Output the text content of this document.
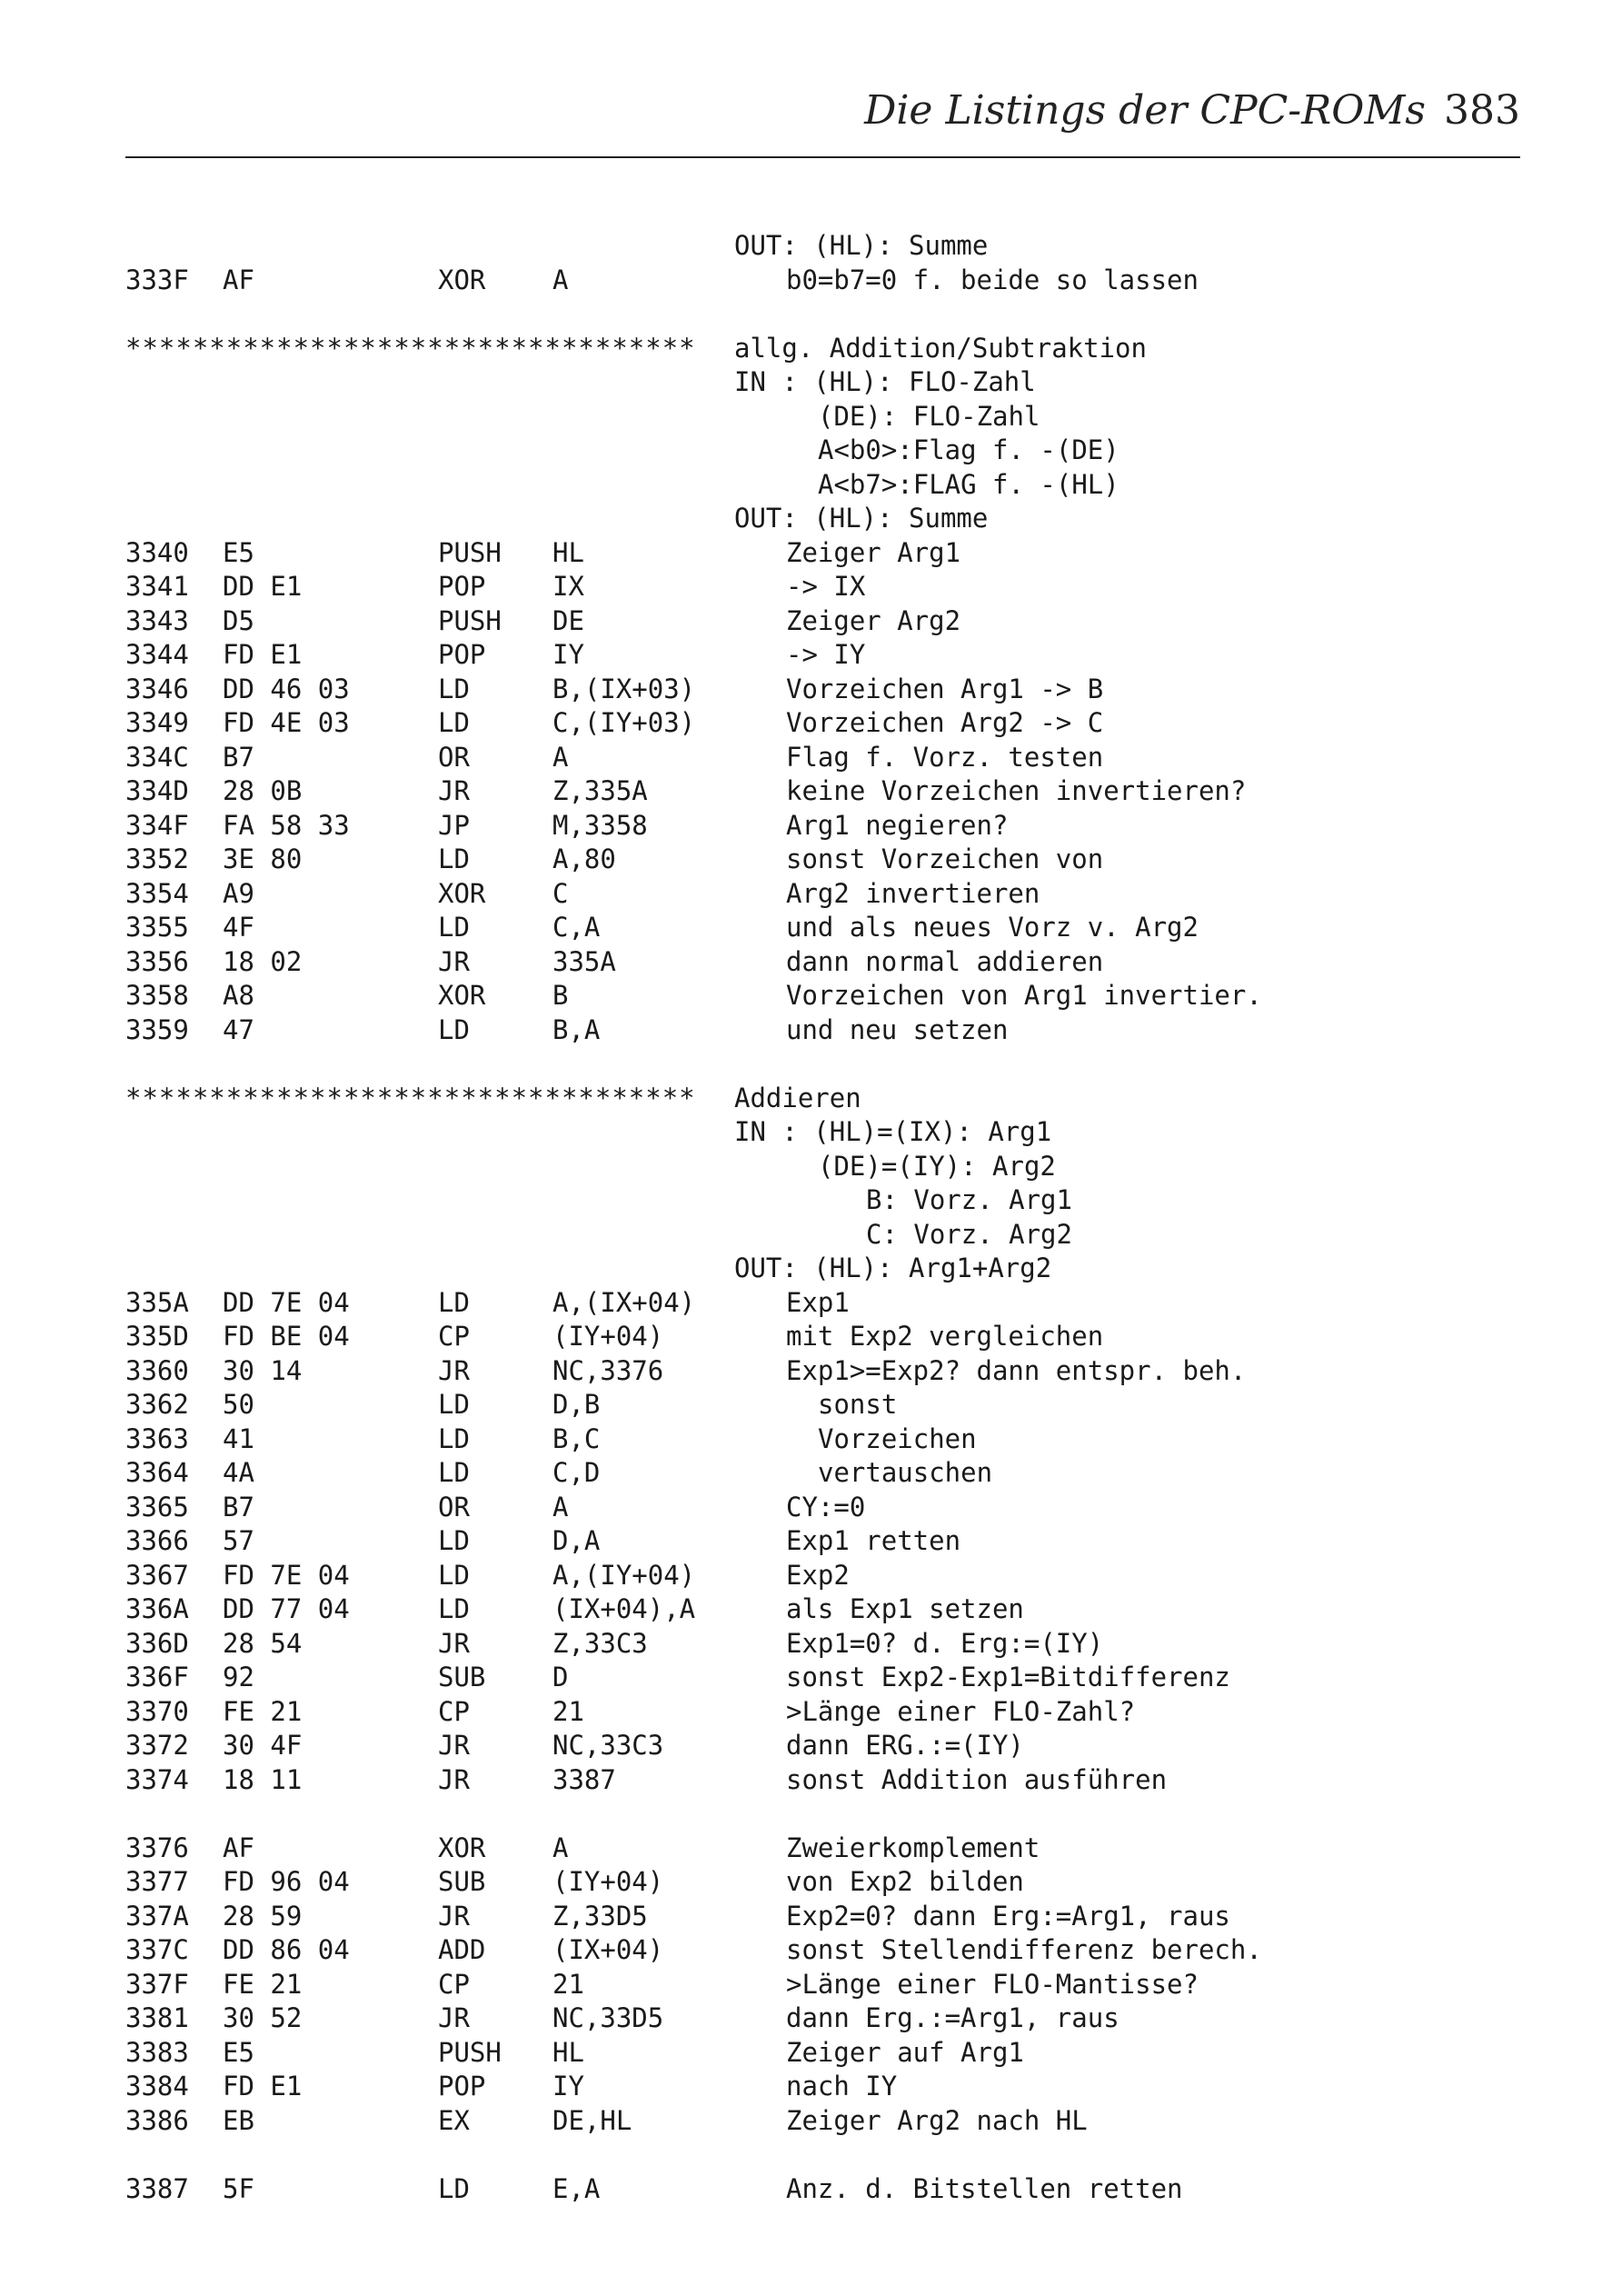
Die Listings der CPC-ROMs 383
OUT: (HL): Summe
333F AF	XOR	A	b0=b7=0 f. beide so lassen
********************************** allg. Addition/Subtraktion
IN : (HL): FLO-Zahl
(DE): FLO-Zahl
A<b0>:Flag f. -(DE)
A<b7>:FLAG f. -(HL)
OUT: (HL): Summe
3340 E5	PUSH HL	Zeiger Arg1
3341 DD E1	POP	IX	-> IX
3343 D5	PUSH DE	Zeiger Arg2
3344 FD E1	POP	IY	-> IY
3346 DD 46 03	LD	B,(IX+03)	Vorzeichen Arg1 -> B
3349 FD 4E 03	LD	C,(IY+03)	Vorzeichen Arg2 -> C
334C B7	OR	A	Flag f. Vorz. testen
334D 28 0B	JR	Z,335A	keine Vorzeichen invertieren?
334F FA 58 33	JP	M,3358	Arg1 negieren?
3352 3E 80	LD	A,80	sonst Vorzeichen von
3354 A9	XOR	C	Arg2 invertieren
3355 4F	LD	C,A	und als neues Vorz v. Arg2
3356 18 02	JR	335A	dann normal addieren
3358 A8	XOR	B	Vorzeichen von Arg1 invertier.
3359 47	LD	B,A	und neu setzen
********************************** Addieren
IN : (HL)=(IX): Arg1
(DE)=(IY): Arg2
B: Vorz. Arg1
C: Vorz. Arg2
OUT: (HL): Arg1+Arg2
335A DD 7E 04	LD	A,(IX+04)	Exp1
335D FD BE 04	CP	(IY+04)	mit Exp2 vergleichen
3360 30 14	JR	NC,3376	Exp1>=Exp2? dann entspr. beh.
3362 50	LD	D,B	sonst
3363 41	LD	B,C	Vorzeichen
3364 4A	LD	C,D	vertauschen
3365 B7	OR	A	CY:=0
3366 57	LD	D,A	Exp1 retten
3367 FD 7E 04	LD	A,(IY+04)	Exp2
336A DD 77 04	LD	(IX+04),A	als Exp1 setzen
336D 28 54	JR	Z,33C3	Exp1=0? d. Erg:=(IY)
336F 92	SUB	D	sonst Exp2-Exp1=Bitdifferenz
3370 FE 21	CP	21	>Länge einer FLO-Zahl?
3372 30 4F	JR	NC,33C3	dann ERG.:=(IY)
3374 18 11	JR	3387	sonst Addition ausführen
3376 AF	XOR	A	Zweierkomplement
3377 FD 96 04	SUB	(IY+04)	von Exp2 bilden
337A 28 59	JR	Z,33D5	Exp2=0? dann Erg:=Arg1, raus
337C DD 86 04	ADD	(IX+04)	sonst Stellendifferenz berech.
337F FE 21	CP	21	>Länge einer FLO-Mantisse?
3381 30 52	JR	NC,33D5	dann Erg.:=Arg1, raus
3383 E5	PUSH HL	Zeiger auf Arg1
3384 FD E1	POP	IY	nach IY
3386 EB	EX	DE,HL	Zeiger Arg2 nach HL
3387 5F	LD	E,A	Anz. d. Bitstellen retten
